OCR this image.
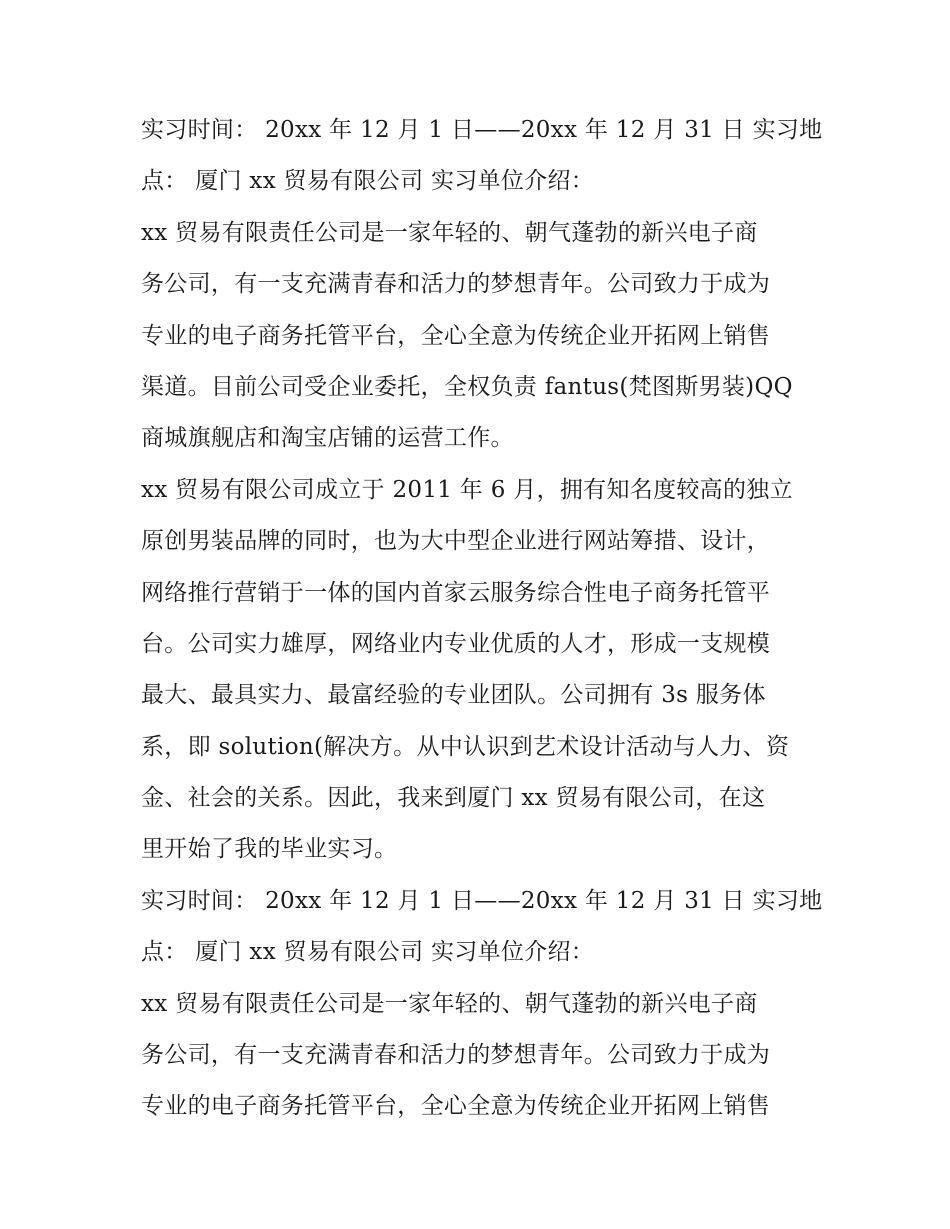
实习时间： 20xx 年 12 月 1 日——20xx 年 12 月 31 日 实习地
点： 厦门 xx 贸易有限公司 实习单位介绍：
xx 贸易有限责任公司是一家年轻的、朝气蓬勃的新兴电子商
务公司，有一支充满青春和活力的梦想青年。公司致力于成为
专业的电子商务托管平台，全心全意为传统企业开拓网上销售
渠道。目前公司受企业委托，全权负责 fantus(梵图斯男装)QQ
商城旗舰店和淘宝店铺的运营工作。
xx 贸易有限公司成立于 2011 年 6 月，拥有知名度较高的独立
原创男装品牌的同时，也为大中型企业进行网站筹措、设计，
网络推行营销于一体的国内首家云服务综合性电子商务托管平
台。公司实力雄厚，网络业内专业优质的人才，形成一支规模
最大、最具实力、最富经验的专业团队。公司拥有 3s 服务体
系，即 solution(解决方。从中认识到艺术设计活动与人力、资
金、社会的关系。因此，我来到厦门 xx 贸易有限公司，在这
里开始了我的毕业实习。
实习时间： 20xx 年 12 月 1 日——20xx 年 12 月 31 日 实习地
点： 厦门 xx 贸易有限公司 实习单位介绍：
xx 贸易有限责任公司是一家年轻的、朝气蓬勃的新兴电子商
务公司，有一支充满青春和活力的梦想青年。公司致力于成为
专业的电子商务托管平台，全心全意为传统企业开拓网上销售
